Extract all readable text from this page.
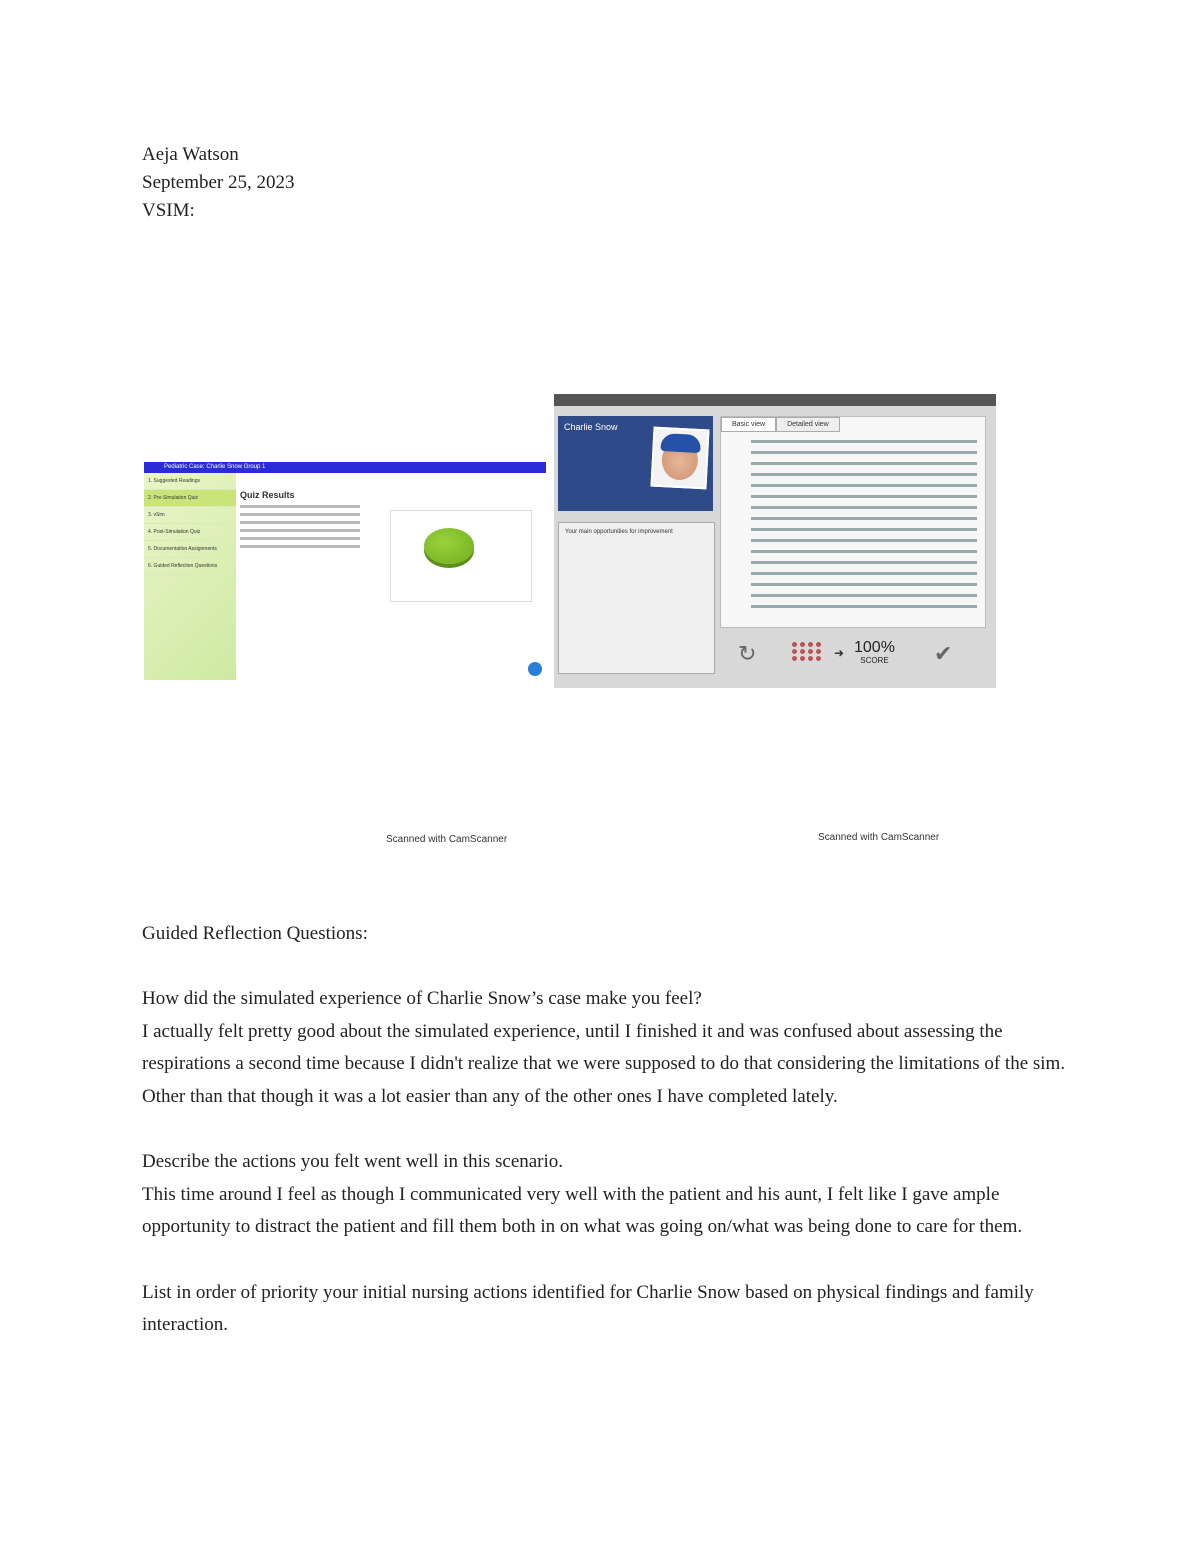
Aeja Watson
September 25, 2023
VSIM:
Pediatric Case: Charlie Snow Group 1
1. Suggested Readings
2. Pre-Simulation Quiz
3. vSim
4. Post-Simulation Quiz
5. Documentation Assignments
6. Guided Reflection Questions
Quiz Results
Scanned with CamScanner
Charlie Snow
Your main opportunities for improvement
Basic view	Detailed view
↻	➜ 100%
SCORE ✔
Scanned with CamScanner

Guided Reflection Questions:

How did the simulated experience of Charlie Snow’s case make you feel?
I actually felt pretty good about the simulated experience, until I finished it and was confused about assessing the respirations a second time because I didn't realize that we were supposed to do that considering the limitations of the sim. Other than that though it was a lot easier than any of the other ones I have completed lately.

Describe the actions you felt went well in this scenario.
This time around I feel as though I communicated very well with the patient and his aunt, I felt like I gave ample opportunity to distract the patient and fill them both in on what was going on/what was being done to care for them.

List in order of priority your initial nursing actions identified for Charlie Snow based on physical findings and family interaction.
